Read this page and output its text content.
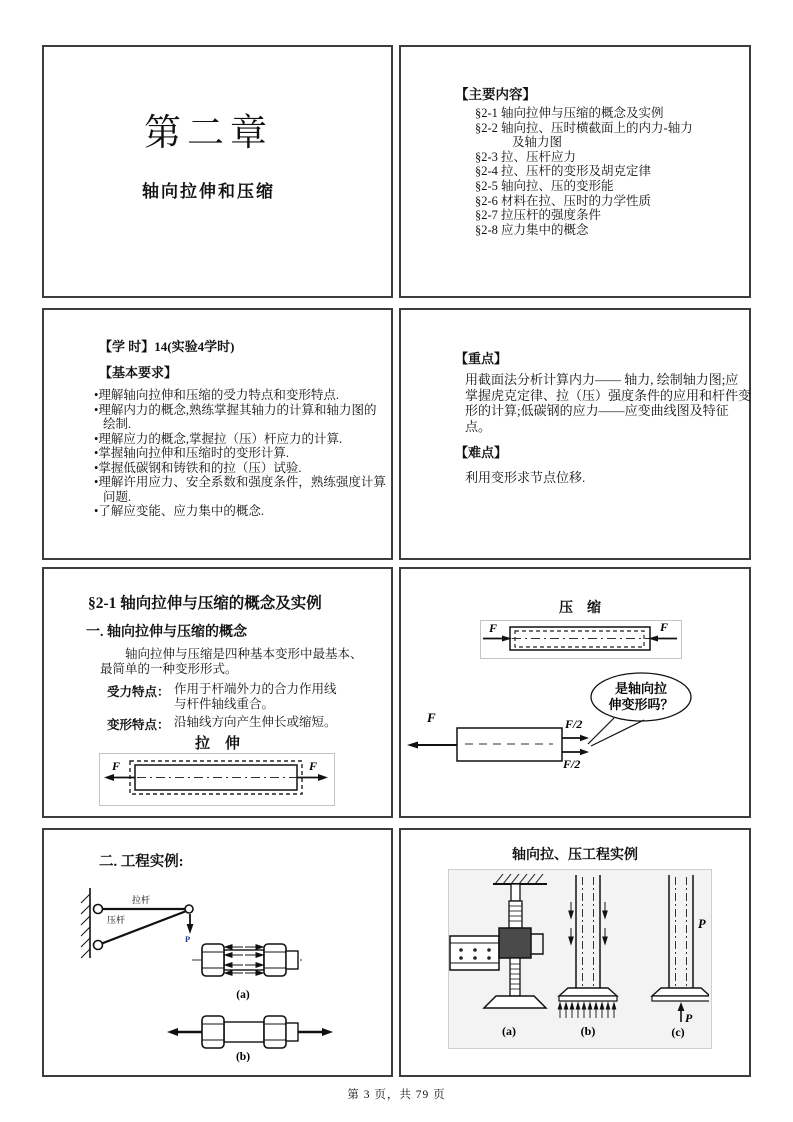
第二章
轴向拉伸和压缩
【主要内容】
§2-1 轴向拉伸与压缩的概念及实例
§2-2 轴向拉、压时横截面上的内力-轴力
及轴力图
§2-3 拉、压杆应力
§2-4 拉、压杆的变形及胡克定律
§2-5 轴向拉、压的变形能
§2-6 材料在拉、压时的力学性质
§2-7 拉压杆的强度条件
§2-8 应力集中的概念
【学 时】14(实验4学时)
【基本要求】
• 理解轴向拉伸和压缩的受力特点和变形特点.
• 理解内力的概念,熟练掌握其轴力的计算和轴力图的绘制.
• 理解应力的概念,掌握拉（压）杆应力的计算.
• 掌握轴向拉伸和压缩时的变形计算.
• 掌握低碳钢和铸铁和的拉（压）试验.
• 理解许用应力、安全系数和强度条件，熟练强度计算问题.
• 了解应变能、应力集中的概念.
【重点】
用截面法分析计算内力—— 轴力, 绘制轴力图;应掌握虎克定律、拉（压）强度条件的应用和杆件变形的计算;低碳钢的应力——应变曲线图及特征点。
【难点】
利用变形求节点位移.
§2-1 轴向拉伸与压缩的概念及实例
一. 轴向拉伸与压缩的概念
轴向拉伸与压缩是四种基本变形中最基本、最简单的一种变形形式。
受力特点： 作用于杆端外力的合力作用线与杆件轴线重合。
变形特点： 沿轴线方向产生伸长或缩短。
拉　伸
F	F
压　缩
F	F
是轴向拉
伸变形吗？
F	F/2
F/2
二. 工程实例:
P
拉杆
压杆
(a)
(b)
轴向拉、压工程实例
(a)	(b)
P
P
(c)
第 3 页，共 79 页
